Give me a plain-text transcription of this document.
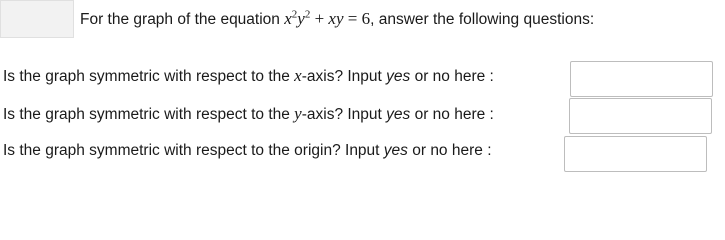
For the graph of the equation $x^2y^2$ + xy = 6, answer the following questions:
Is the graph symmetric with respect to the x-axis? Input yes or no here :
Is the graph symmetric with respect to the y-axis? Input yes or no here :
Is the graph symmetric with respect to the origin? Input yes or no here :
